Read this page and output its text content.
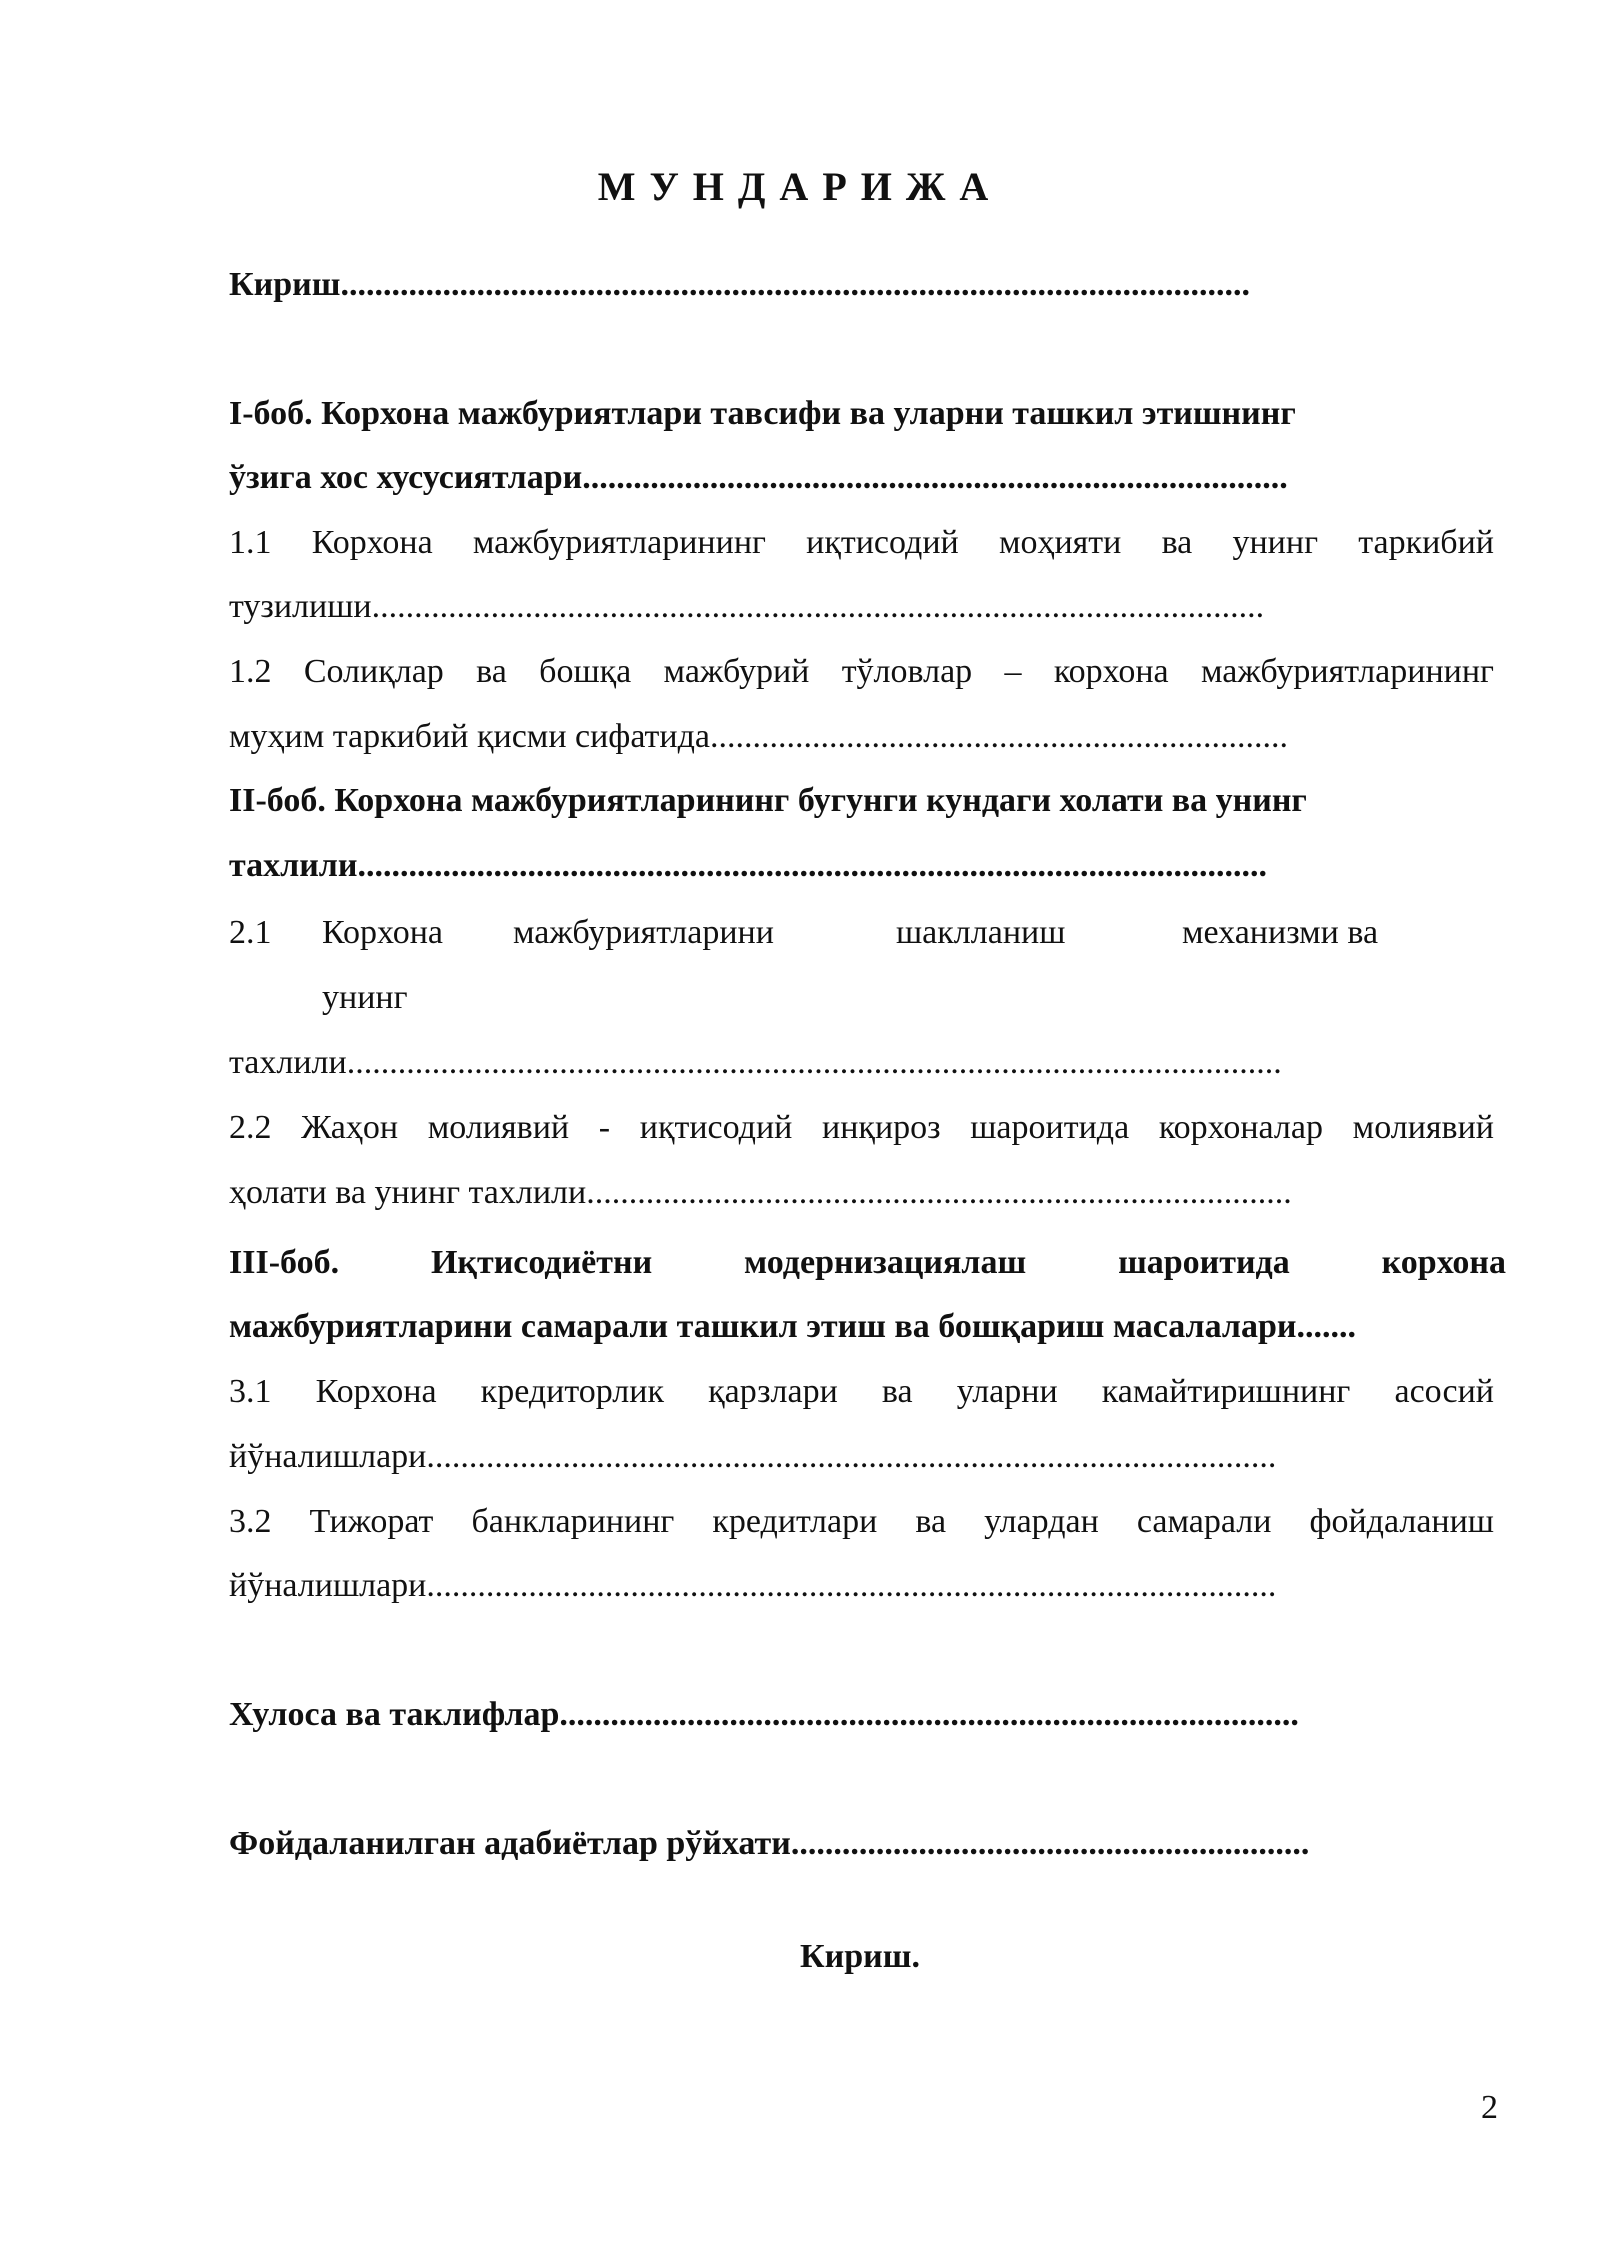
МУНДАРИЖА
Кириш...........................................................................................................
І-боб. Корхона мажбуриятлари тавсифи ва уларни ташкил этишнинг
ўзига хос хусусиятлари...................................................................................
1.1 Корхона мажбуриятларининг иқтисодий моҳияти ва унинг таркибий
тузилиши.........................................................................................................
1.2 Солиқлар ва бошқа мажбурий тўловлар – корхона мажбуриятларининг
муҳим таркибий қисми сифатида....................................................................
ІІ-боб. Корхона мажбуриятларининг бугунги кундаги холати ва унинг
тахлили...........................................................................................................
2.1 Корхона мажбуриятларини	шаклланиш	механизми ва
унинг
тахлили..............................................................................................................
2.2 Жаҳон молиявий - иқтисодий инқироз шароитида корхоналар молиявий
ҳолати ва унинг тахлили...................................................................................
ІІІ-боб. Иқтисодиётни модернизациялаш шароитида корхона
мажбуриятларини самарали ташкил этиш ва бошқариш масалалари.......
3.1 Корхона кредиторлик қарзлари ва уларни камайтиришнинг асосий
йўналишлари....................................................................................................
3.2 Тижорат банкларининг кредитлари ва улардан самарали фойдаланиш
йўналишлари....................................................................................................
Хулоса ва таклифлар.......................................................................................
Фойдаланилган адабиётлар рўйхати.............................................................
Кириш.
2
